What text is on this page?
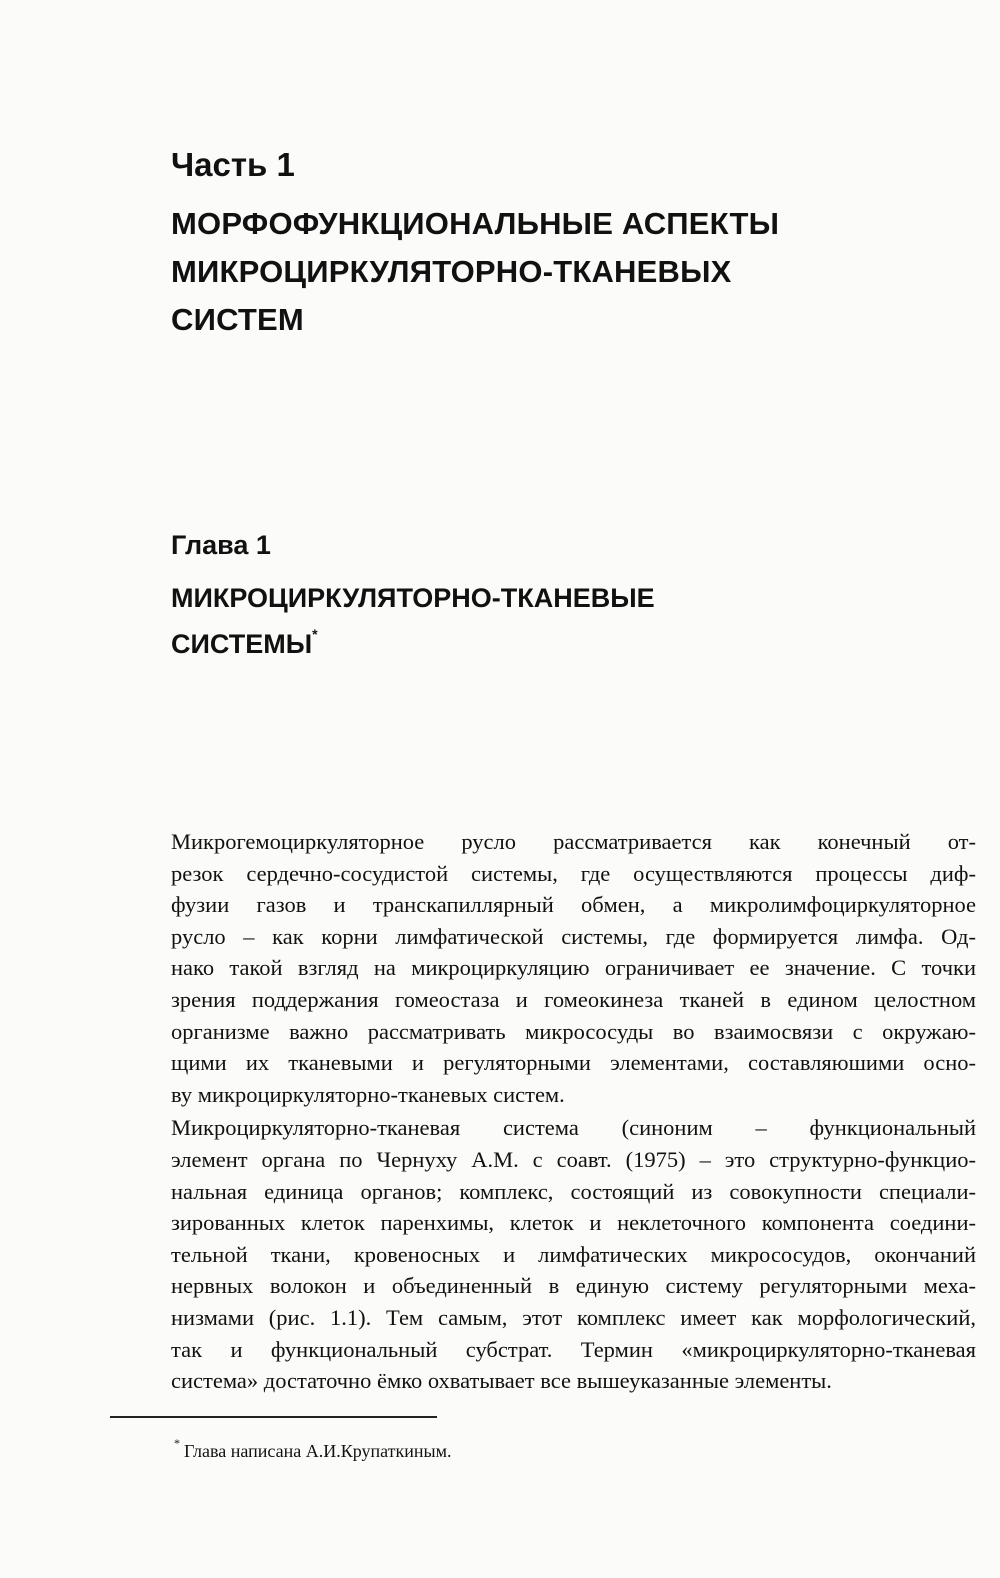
Часть 1
МОРФОФУНКЦИОНАЛЬНЫЕ АСПЕКТЫ
МИКРОЦИРКУЛЯТОРНО-ТКАНЕВЫХ
СИСТЕМ
Глава 1
МИКРОЦИРКУЛЯТОРНО-ТКАНЕВЫЕ
СИСТЕМЫ*

Микрогемоциркуляторное русло рассматривается как конечный от-

резок сердечно-сосудистой системы, где осуществляются процессы диф-

фузии газов и транскапиллярный обмен, а микролимфоциркуляторное

русло – как корни лимфатической системы, где формируется лимфа. Од-

нако такой взгляд на микроциркуляцию ограничивает ее значение. С точки

зрения поддержания гомеостаза и гомеокинеза тканей в едином целостном

организме важно рассматривать микрососуды во взаимосвязи с окружаю-

щими их тканевыми и регуляторными элементами, составляюшими осно-

ву микроциркуляторно-тканевых систем.

Микроциркуляторно-тканевая система (синоним – функциональный

элемент органа по Чернуху А.М. с соавт. (1975) – это структурно-функцио-

нальная единица органов; комплекс, состоящий из совокупности специали-

зированных клеток паренхимы, клеток и неклеточного компонента соедини-

тельной ткани, кровеносных и лимфатических микрососудов, окончаний

нервных волокон и объединенный в единую систему регуляторными меха-

низмами (рис. 1.1). Тем самым, этот комплекс имеет как морфологический,

так и функциональный субстрат. Термин «микроциркуляторно-тканевая

система» достаточно ёмко охватывает все вышеуказанные элементы.

* Глава написана А.И.Крупаткиным.
